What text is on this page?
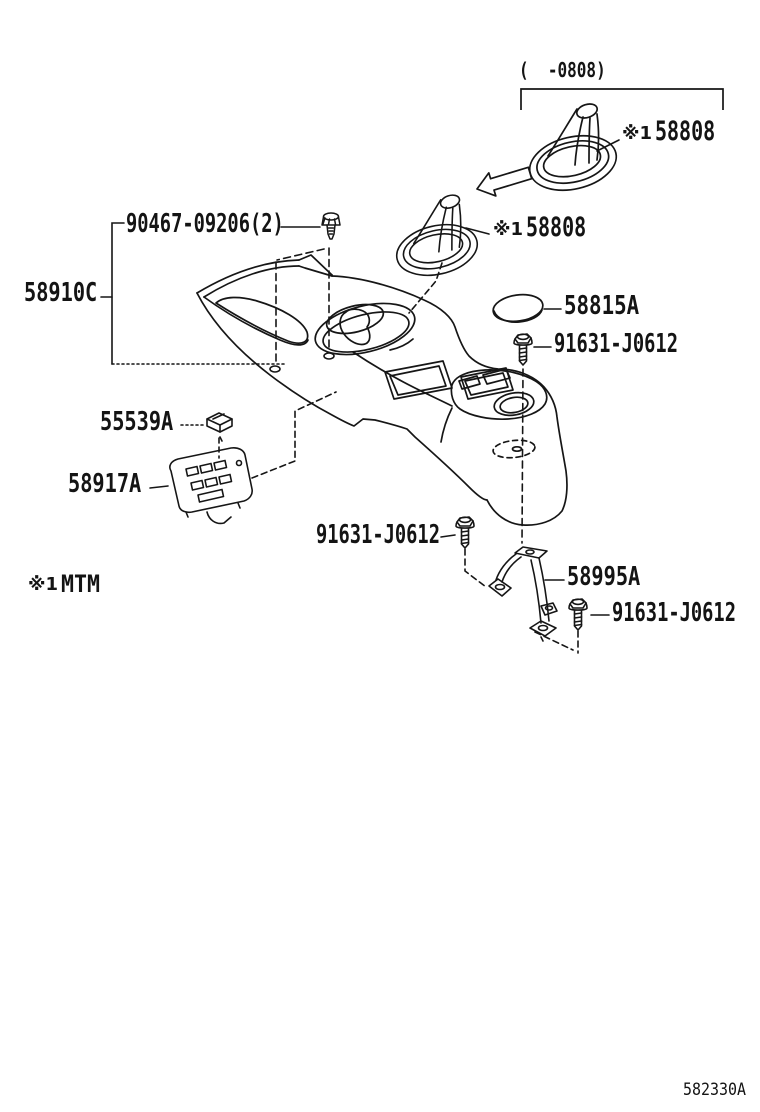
(  -0808)
※1 58808
※1 58808
90467-09206(2)
58910C	58815A
91631-J0612
55539A
58917A
91631-J0612
58995A
91631-J0612
※1 MTM
582330A
